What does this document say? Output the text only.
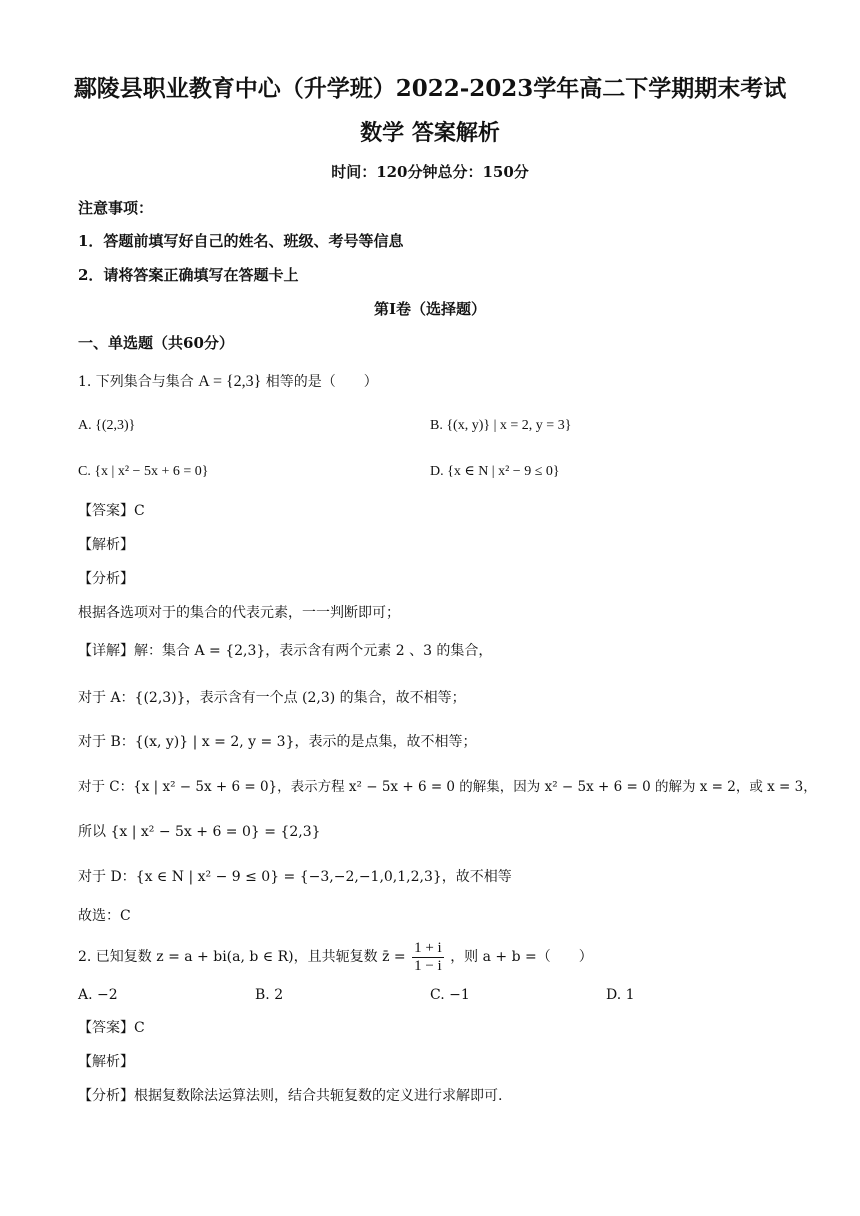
鄢陵县职业教育中心（升学班）2022-2023学年高二下学期期末考试
数学 答案解析
时间：120分钟总分：150分
注意事项：
1．答题前填写好自己的姓名、班级、考号等信息
2．请将答案正确填写在答题卡上
第Ⅰ卷（选择题）
一、单选题（共60分）
1. 下列集合与集合 A = {2,3} 相等的是（　　）
A. {(2,3)}	B. {(x, y)} | x = 2, y = 3}
C. {x | x² − 5x + 6 = 0}	D. {x ∈ N | x² − 9 ≤ 0}
【答案】C
【解析】
【分析】
根据各选项对于的集合的代表元素，一一判断即可；
【详解】解：集合 A = {2,3}，表示含有两个元素 2 、3 的集合，
对于 A：{(2,3)}，表示含有一个点 (2,3) 的集合，故不相等；
对于 B：{(x, y)} | x = 2, y = 3}，表示的是点集，故不相等；
对于 C：{x | x² − 5x + 6 = 0}，表示方程 x² − 5x + 6 = 0 的解集，因为 x² − 5x + 6 = 0 的解为 x = 2，或 x = 3，
所以 {x | x² − 5x + 6 = 0} = {2,3}
对于 D：{x ∈ N | x² − 9 ≤ 0} = {−3,−2,−1,0,1,2,3}，故不相等
故选：C
2. 已知复数 z = a + bi(a, b ∈ R)，且共轭复数 z̄ = $\frac{1 + i}{1 - i}$ ，则 a + b =（　　）
A. −2	B. 2	C. −1	D. 1
【答案】C
【解析】
【分析】根据复数除法运算法则，结合共轭复数的定义进行求解即可.
